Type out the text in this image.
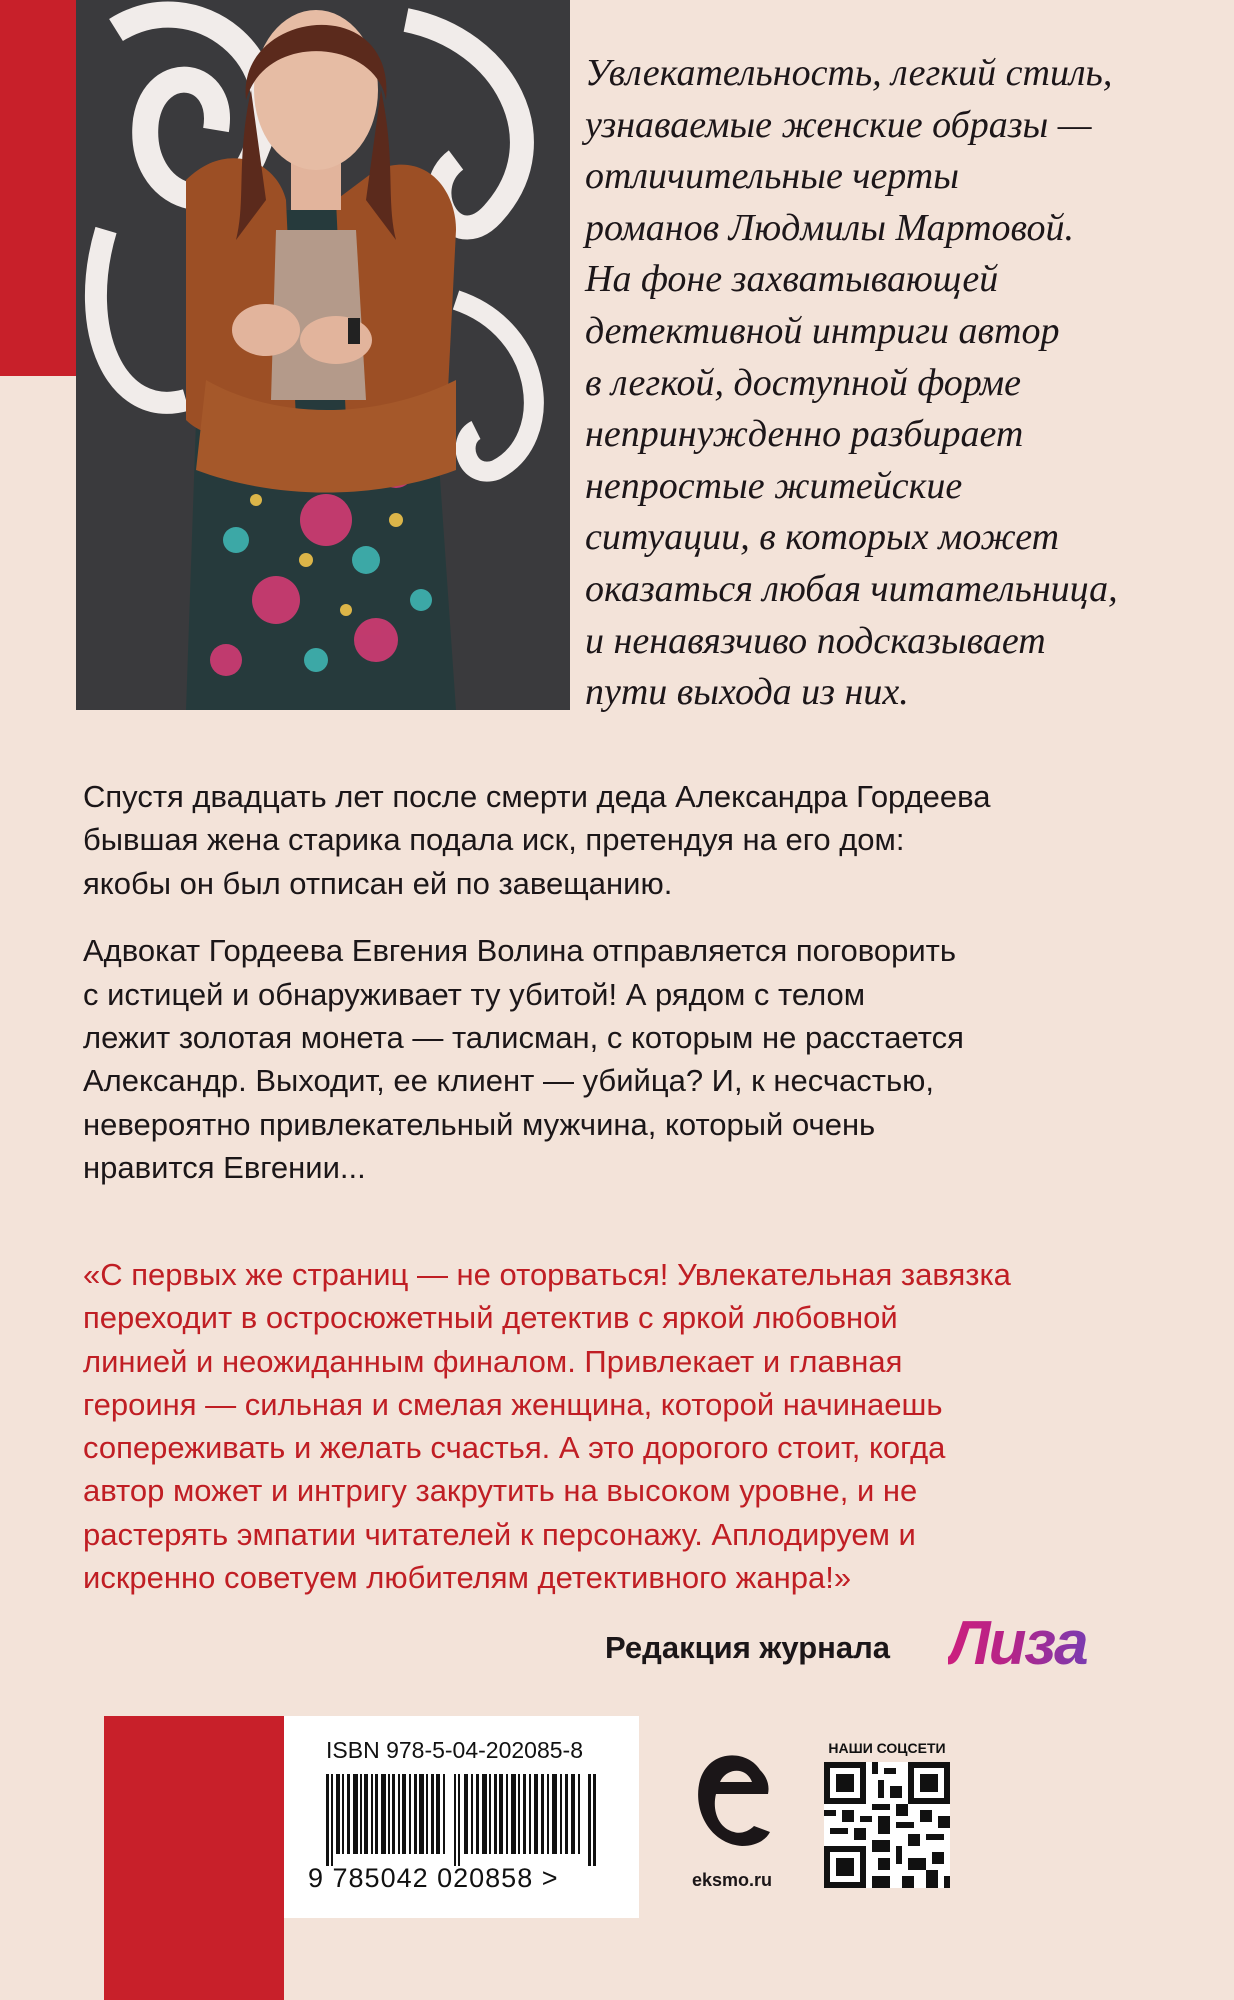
Увлекательность, легкий стиль,
узнаваемые женские образы —
отличительные черты
романов Людмилы Мартовой.
На фоне захватывающей
детективной интриги автор
в легкой, доступной форме
непринужденно разбирает
непростые житейские
ситуации, в которых может
оказаться любая читательница,
и ненавязчиво подсказывает
пути выхода из них.
Спустя двадцать лет после смерти деда Александра Гордеева
бывшая жена старика подала иск, претендуя на его дом:
якобы он был отписан ей по завещанию.
Адвокат Гордеева Евгения Волина отправляется поговорить
с истицей и обнаруживает ту убитой! А рядом с телом
лежит золотая монета — талисман, с которым не расстается
Александр. Выходит, ее клиент — убийца? И, к несчастью,
невероятно привлекательный мужчина, который очень
нравится Евгении...
«С первых же страниц — не оторваться! Увлекательная завязка
переходит в остросюжетный детектив с яркой любовной
линией и неожиданным финалом. Привлекает и главная
героиня — сильная и смелая женщина, которой начинаешь
сопереживать и желать счастья. А это дорогого стоит, когда
автор может и интригу закрутить на высоком уровне, и не
растерять эмпатии читателей к персонажу. Аплодируем и
искренно советуем любителям детективного жанра!»
Редакция журнала Лиза
ISBN 978-5-04-202085-8
9 785042 020858 >	eksmo.ru
НАШИ СОЦСЕТИ
